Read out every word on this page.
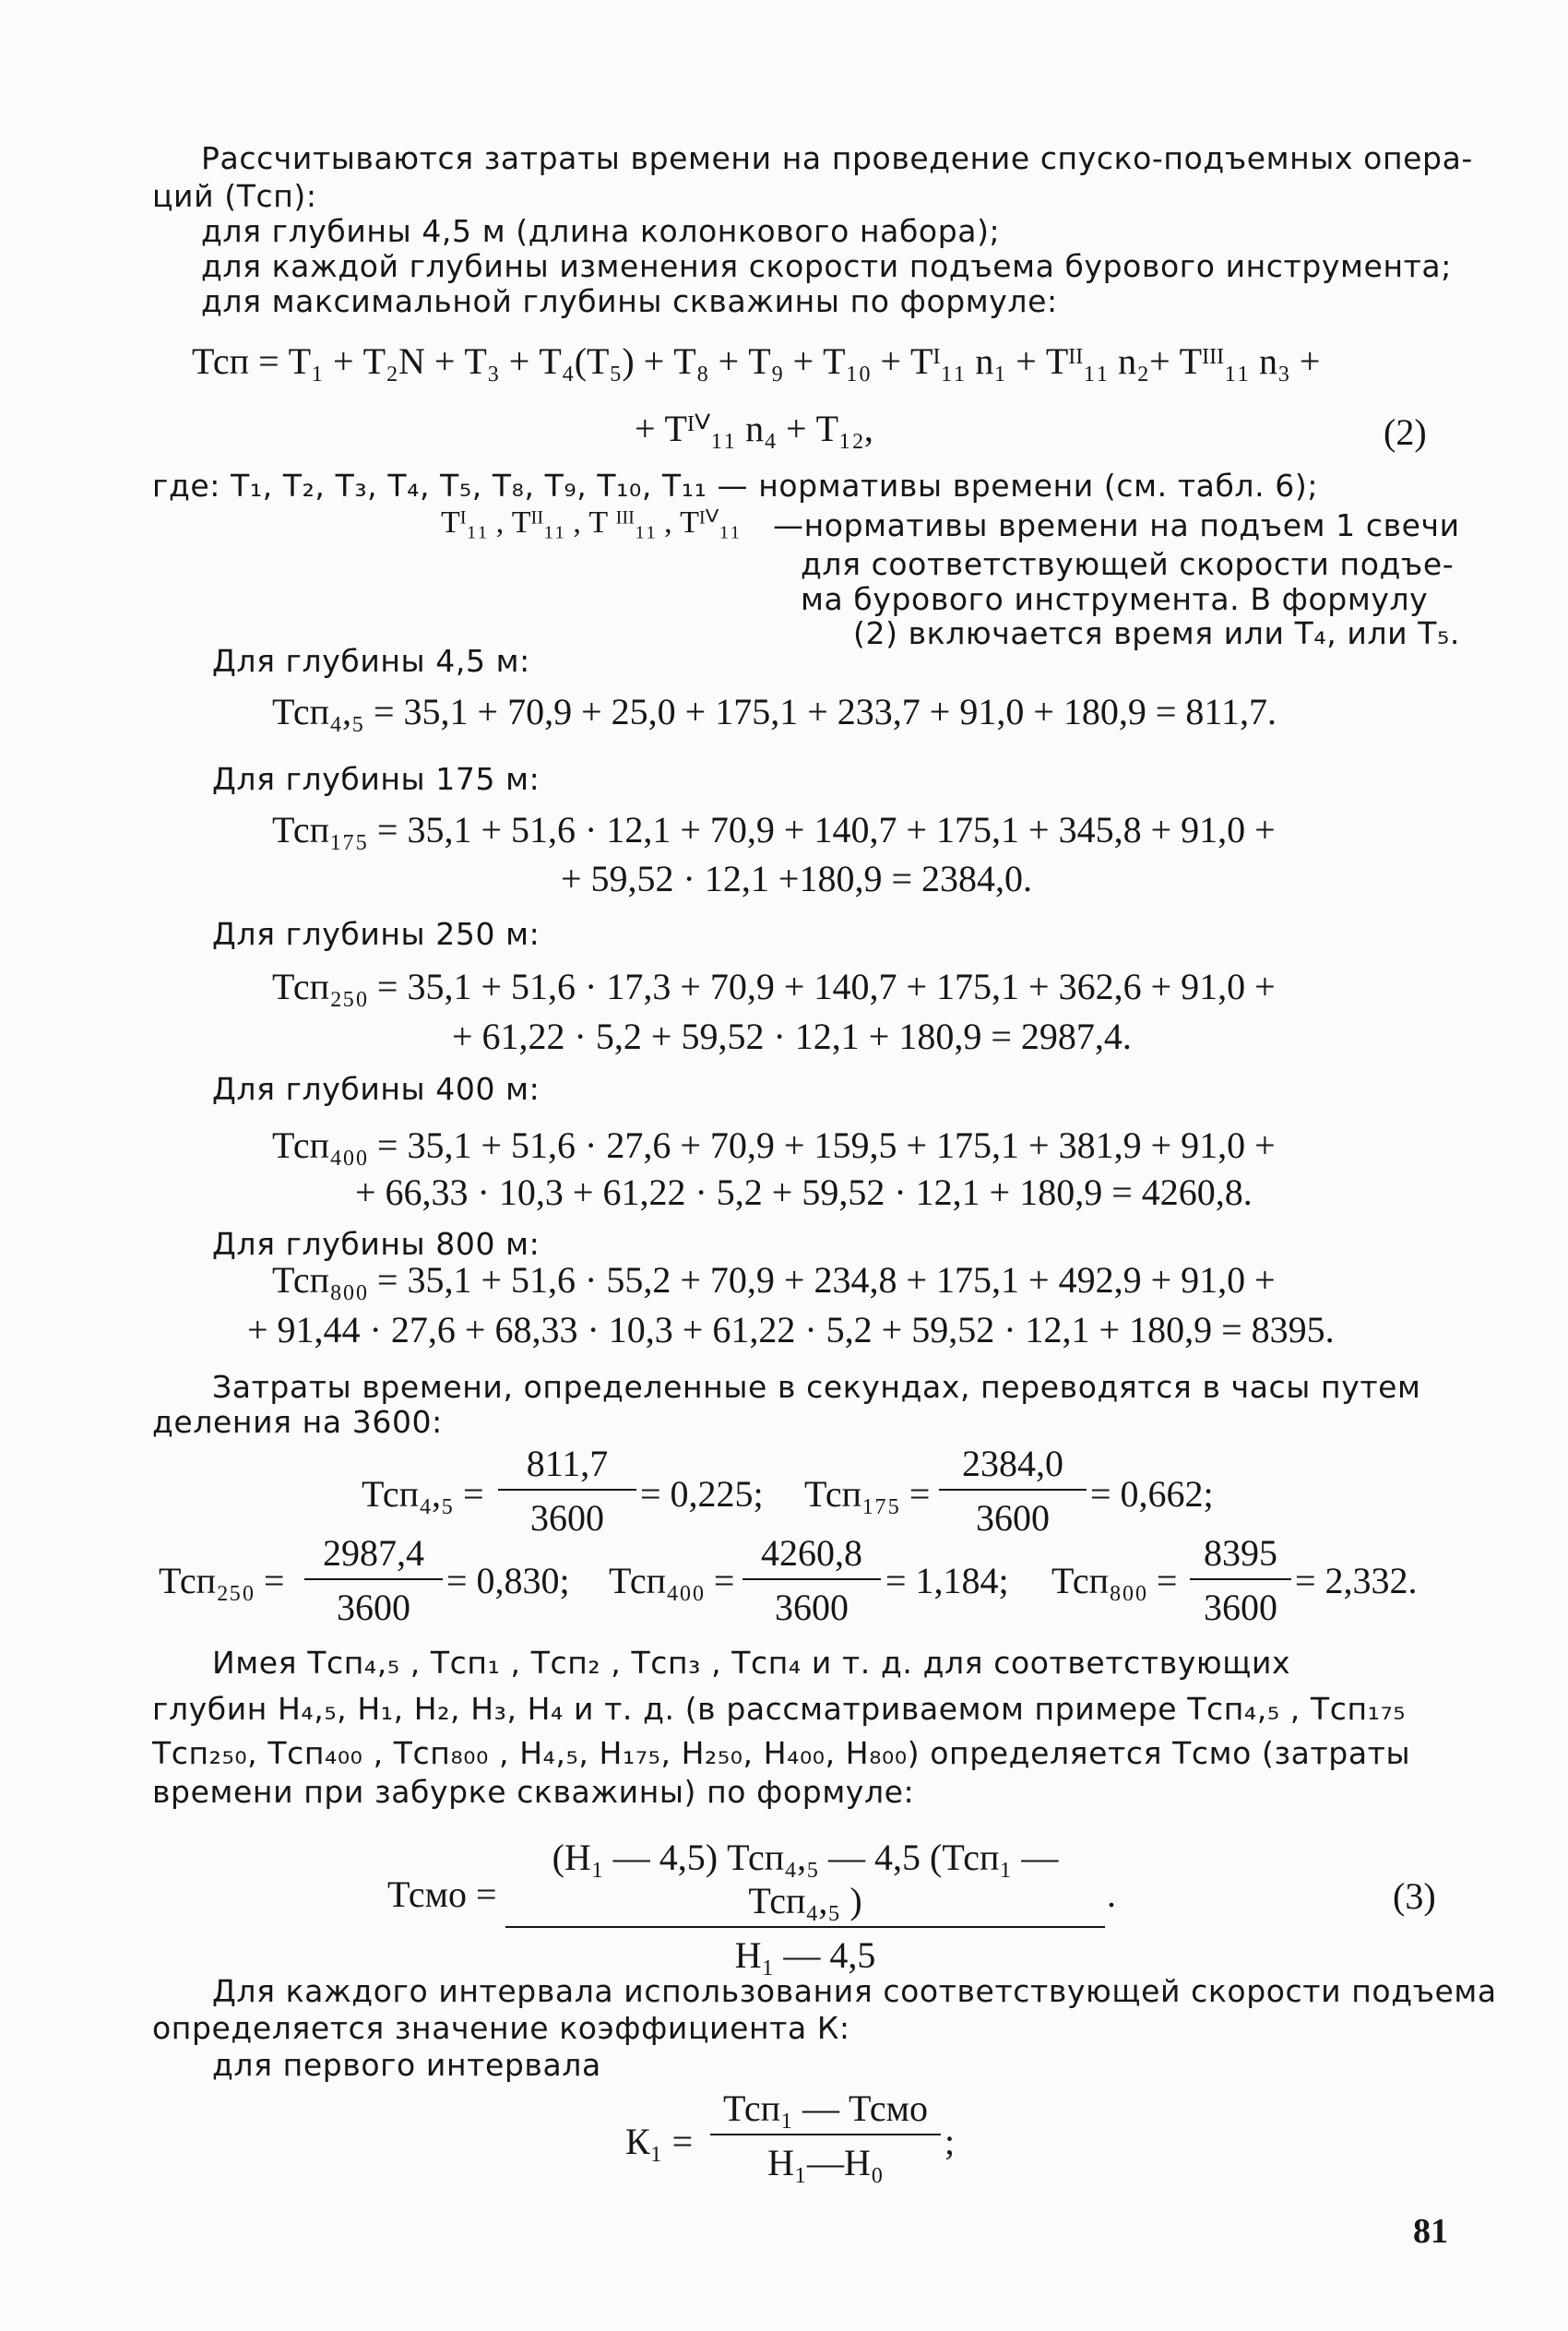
Рассчитываются затраты времени на проведение спуско-подъемных опера-
ций (Тсп):
для глубины 4,5 м (длина колонкового набора);
для каждой глубины изменения скорости подъема бурового инструмента;
для максимальной глубины скважины по формуле:
Тсп = Т₁ + Т₂N + Т₃ + Т₄(Т₅) + Т₈ + Т₉ + Т₁₀ + Тᴵ₁₁ n₁ + Тᴵᴵ₁₁ n₂+ Тᴵᴵᴵ₁₁ n₃ +
+ Тᴵⱽ₁₁ n₄ + Т₁₂,	(2)
где: Т₁, Т₂, Т₃, Т₄, Т₅, Т₈, Т₉, Т₁₀, Т₁₁ — нормативы времени (см. табл. 6);
Тᴵ₁₁ , Тᴵᴵ₁₁ , Т ᴵᴵᴵ₁₁ , Тᴵⱽ₁₁ —нормативы времени на подъем 1 свечи
для соответствующей скорости подъе-
ма бурового инструмента. В формулу
(2) включается время или Т₄, или Т₅.
Для глубины 4,5 м:
Тсп₄,₅ = 35,1 + 70,9 + 25,0 + 175,1 + 233,7 + 91,0 + 180,9 = 811,7.
Для глубины 175 м:
Тсп₁₇₅ = 35,1 + 51,6 · 12,1 + 70,9 + 140,7 + 175,1 + 345,8 + 91,0 +
+ 59,52 · 12,1 +180,9 = 2384,0.
Для глубины 250 м:
Тсп₂₅₀ = 35,1 + 51,6 · 17,3 + 70,9 + 140,7 + 175,1 + 362,6 + 91,0 +
+ 61,22 · 5,2 + 59,52 · 12,1 + 180,9 = 2987,4.
Для глубины 400 м:
Тсп₄₀₀ = 35,1 + 51,6 · 27,6 + 70,9 + 159,5 + 175,1 + 381,9 + 91,0 +
+ 66,33 · 10,3 + 61,22 · 5,2 + 59,52 · 12,1 + 180,9 = 4260,8.
Для глубины 800 м:
Тсп₈₀₀ = 35,1 + 51,6 · 55,2 + 70,9 + 234,8 + 175,1 + 492,9 + 91,0 +
+ 91,44 · 27,6 + 68,33 · 10,3 + 61,22 · 5,2 + 59,52 · 12,1 + 180,9 = 8395.
Затраты времени, определенные в секундах, переводятся в часы путем
деления на 3600:
$Тсп_4,_5 = \frac{811,7}{3600} = 0,225$; $Тсп_{175} = \frac{2384,0}{3600} = 0,662$;
$Тсп_{250} = \frac{2987,4}{3600} = 0,830$; $Тсп_{400} = \frac{4260,8}{3600} = 1,184$; $Тсп_{800} = \frac{8395}{3600} = 2,332$.
Имея Тсп₄,₅ , Тсп₁ , Тсп₂ , Тсп₃ , Тсп₄ и т. д. для соответствующих
глубин Н₄,₅, Н₁, Н₂, Н₃, Н₄ и т. д. (в рассматриваемом примере Тсп₄,₅ , Тсп₁₇₅
Тсп₂₅₀, Тсп₄₀₀ , Тсп₈₀₀ , Н₄,₅, Н₁₇₅, Н₂₅₀, Н₄₀₀, Н₈₀₀) определяется Тсмо (затраты
времени при забурке скважины) по формуле:
Тсмо =
(Н₁ — 4,5) Тсп₄,₅ — 4,5 (Тсп₁ — Тсп₄,₅ )
Н₁ — 4,5
.	(3)
Для каждого интервала использования соответствующей скорости подъема
определяется значение коэффициента К:
для первого интервала
К₁ =
Тсп₁ — Тсмо
Н₁—Н₀
;
81
